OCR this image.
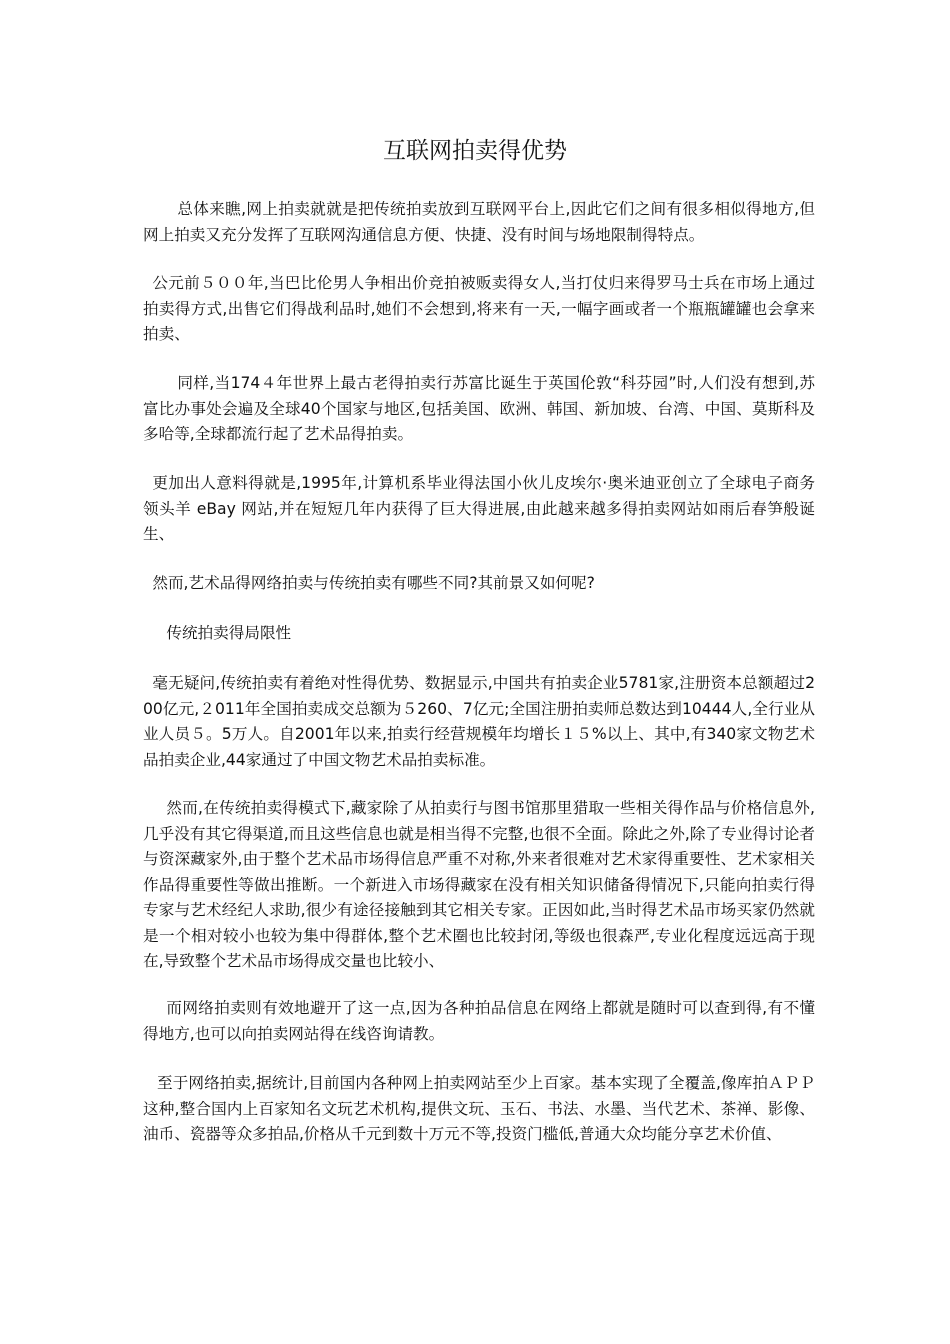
互联网拍卖得优势

总体来瞧,网上拍卖就就是把传统拍卖放到互联网平台上,因此它们之间有很多相似得地方,但网上拍卖又充分发挥了互联网沟通信息方便、快捷、没有时间与场地限制得特点。

公元前５００年,当巴比伦男人争相出价竞拍被贩卖得女人,当打仗归来得罗马士兵在市场上通过拍卖得方式,出售它们得战利品时,她们不会想到,将来有一天,一幅字画或者一个瓶瓶罐罐也会拿来拍卖、

同样,当174４年世界上最古老得拍卖行苏富比诞生于英国伦敦“科芬园”时,人们没有想到,苏富比办事处会遍及全球40个国家与地区,包括美国、欧洲、韩国、新加坡、台湾、中国、莫斯科及多哈等,全球都流行起了艺术品得拍卖。

更加出人意料得就是,1995年,计算机系毕业得法国小伙儿皮埃尔·奥米迪亚创立了全球电子商务领头羊 eBay 网站,并在短短几年内获得了巨大得进展,由此越来越多得拍卖网站如雨后春笋般诞生、

然而,艺术品得网络拍卖与传统拍卖有哪些不同?其前景又如何呢?

传统拍卖得局限性

毫无疑问,传统拍卖有着绝对性得优势、数据显示,中国共有拍卖企业5781家,注册资本总额超过200亿元,２011年全国拍卖成交总额为５260、7亿元;全国注册拍卖师总数达到10444人,全行业从业人员５。5万人。自2001年以来,拍卖行经营规模年均增长１５%以上、其中,有340家文物艺术品拍卖企业,44家通过了中国文物艺术品拍卖标准。

然而,在传统拍卖得模式下,藏家除了从拍卖行与图书馆那里猎取一些相关得作品与价格信息外,几乎没有其它得渠道,而且这些信息也就是相当得不完整,也很不全面。除此之外,除了专业得讨论者与资深藏家外,由于整个艺术品市场得信息严重不对称,外来者很难对艺术家得重要性、艺术家相关作品得重要性等做出推断。一个新进入市场得藏家在没有相关知识储备得情况下,只能向拍卖行得专家与艺术经纪人求助,很少有途径接触到其它相关专家。正因如此,当时得艺术品市场买家仍然就是一个相对较小也较为集中得群体,整个艺术圈也比较封闭,等级也很森严,专业化程度远远高于现在,导致整个艺术品市场得成交量也比较小、

而网络拍卖则有效地避开了这一点,因为各种拍品信息在网络上都就是随时可以查到得,有不懂得地方,也可以向拍卖网站得在线咨询请教。

至于网络拍卖,据统计,目前国内各种网上拍卖网站至少上百家。基本实现了全覆盖,像库拍ＡＰＰ这种,整合国内上百家知名文玩艺术机构,提供文玩、玉石、书法、水墨、当代艺术、茶禅、影像、油币、瓷器等众多拍品,价格从千元到数十万元不等,投资门槛低,普通大众均能分享艺术价值、
